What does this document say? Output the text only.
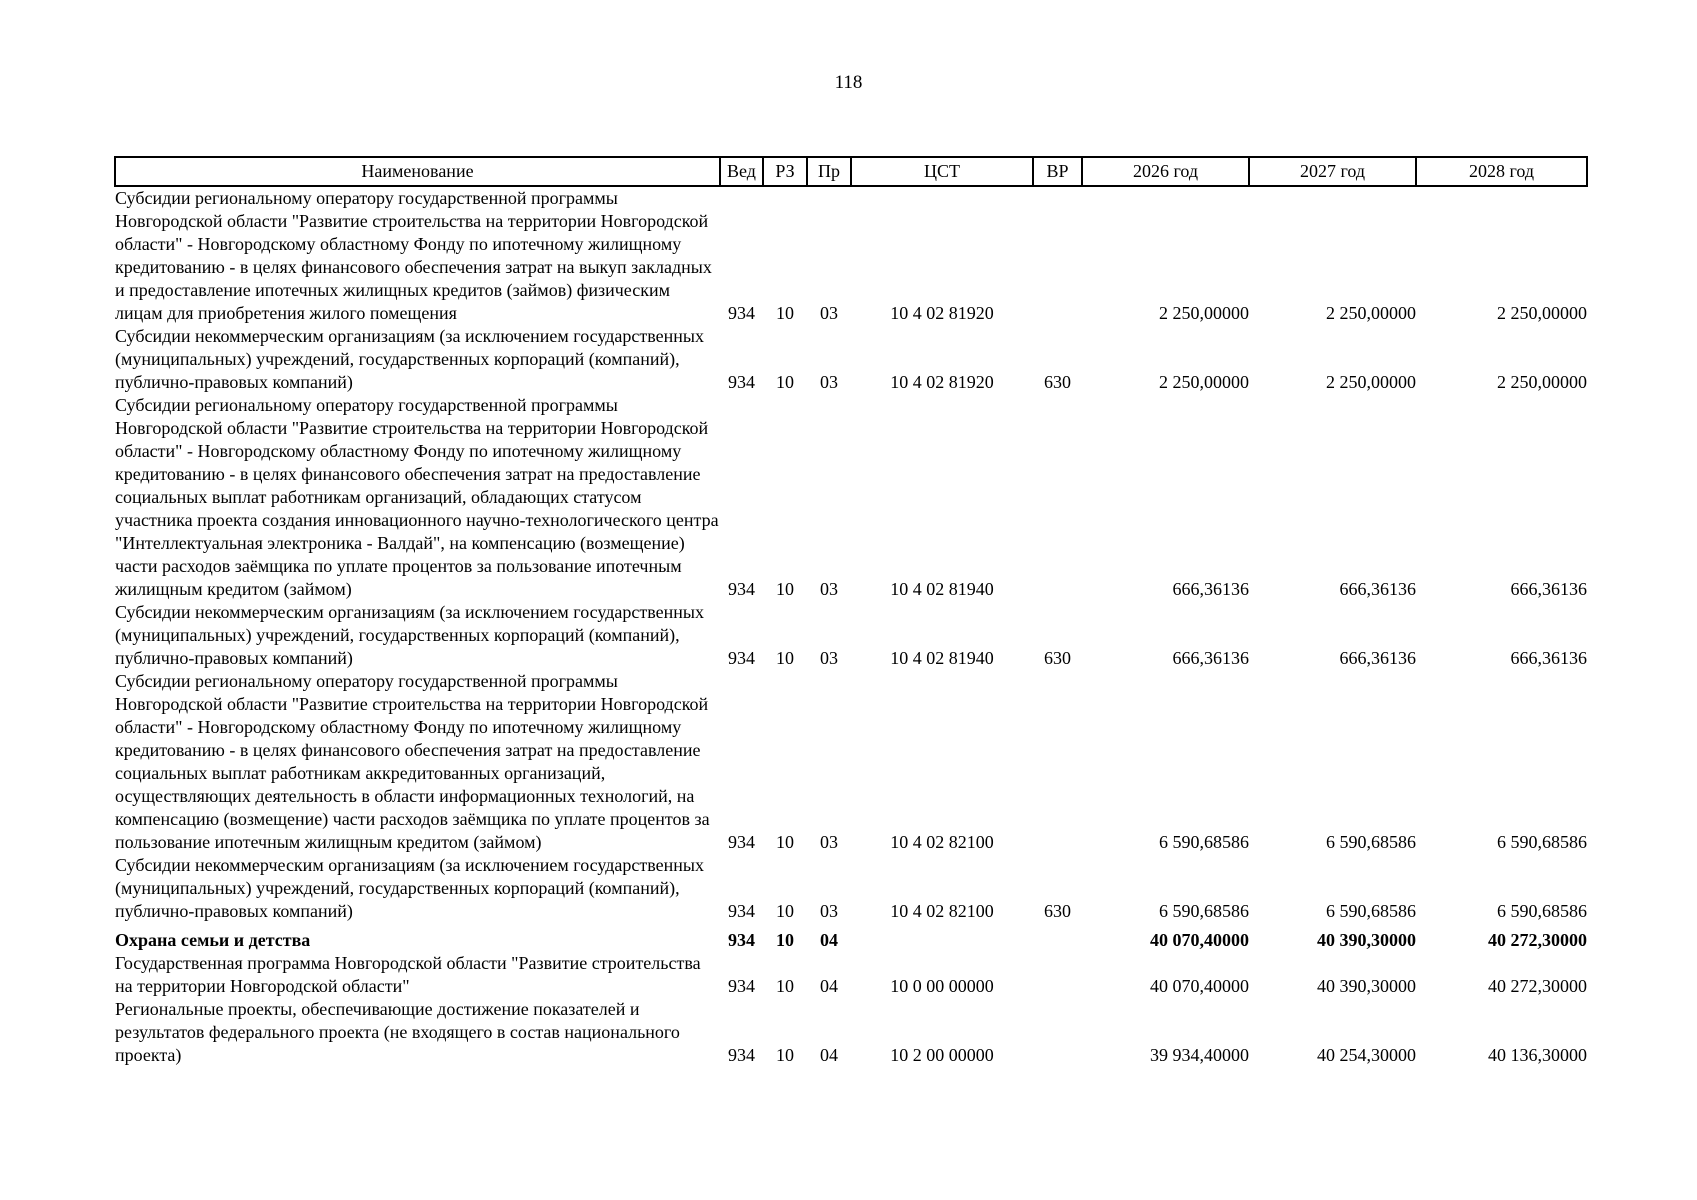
118
Наименование	Вед	РЗ	Пр	ЦСТ	ВР	2026 год	2027 год	2028 год
Субсидии региональному оператору государственной программы Новгородской области "Развитие строительства на территории Новгородской области" - Новгородскому областному Фонду по ипотечному жилищному кредитованию - в целях финансового обеспечения затрат на выкуп закладных и предоставление ипотечных жилищных кредитов (займов) физическим лицам для приобретения жилого помещения	934	10	03	10 4 02 81920		2 250,00000	2 250,00000	2 250,00000
Субсидии некоммерческим организациям (за исключением государственных (муниципальных) учреждений, государственных корпораций (компаний), публично-правовых компаний)	934	10	03	10 4 02 81920	630	2 250,00000	2 250,00000	2 250,00000
Субсидии региональному оператору государственной программы Новгородской области "Развитие строительства на территории Новгородской области" - Новгородскому областному Фонду по ипотечному жилищному кредитованию - в целях финансового обеспечения затрат на предоставление социальных выплат работникам организаций, обладающих статусом участника проекта создания инновационного научно-технологического центра "Интеллектуальная электроника - Валдай", на компенсацию (возмещение) части расходов заёмщика по уплате процентов за пользование ипотечным жилищным кредитом (займом)	934	10	03	10 4 02 81940		666,36136	666,36136	666,36136
Субсидии некоммерческим организациям (за исключением государственных (муниципальных) учреждений, государственных корпораций (компаний), публично-правовых компаний)	934	10	03	10 4 02 81940	630	666,36136	666,36136	666,36136
Субсидии региональному оператору государственной программы Новгородской области "Развитие строительства на территории Новгородской области" - Новгородскому областному Фонду по ипотечному жилищному кредитованию - в целях финансового обеспечения затрат на предоставление социальных выплат работникам аккредитованных организаций, осуществляющих деятельность в области информационных технологий, на компенсацию (возмещение) части расходов заёмщика по уплате процентов за пользование ипотечным жилищным кредитом (займом)	934	10	03	10 4 02 82100		6 590,68586	6 590,68586	6 590,68586
Субсидии некоммерческим организациям (за исключением государственных (муниципальных) учреждений, государственных корпораций (компаний), публично-правовых компаний)	934	10	03	10 4 02 82100	630	6 590,68586	6 590,68586	6 590,68586
Охрана семьи и детства	934	10	04			40 070,40000	40 390,30000	40 272,30000
Государственная программа Новгородской области "Развитие строительства на территории Новгородской области"	934	10	04	10 0 00 00000		40 070,40000	40 390,30000	40 272,30000
Региональные проекты, обеспечивающие достижение показателей и результатов федерального проекта (не входящего в состав национального проекта)	934	10	04	10 2 00 00000		39 934,40000	40 254,30000	40 136,30000
